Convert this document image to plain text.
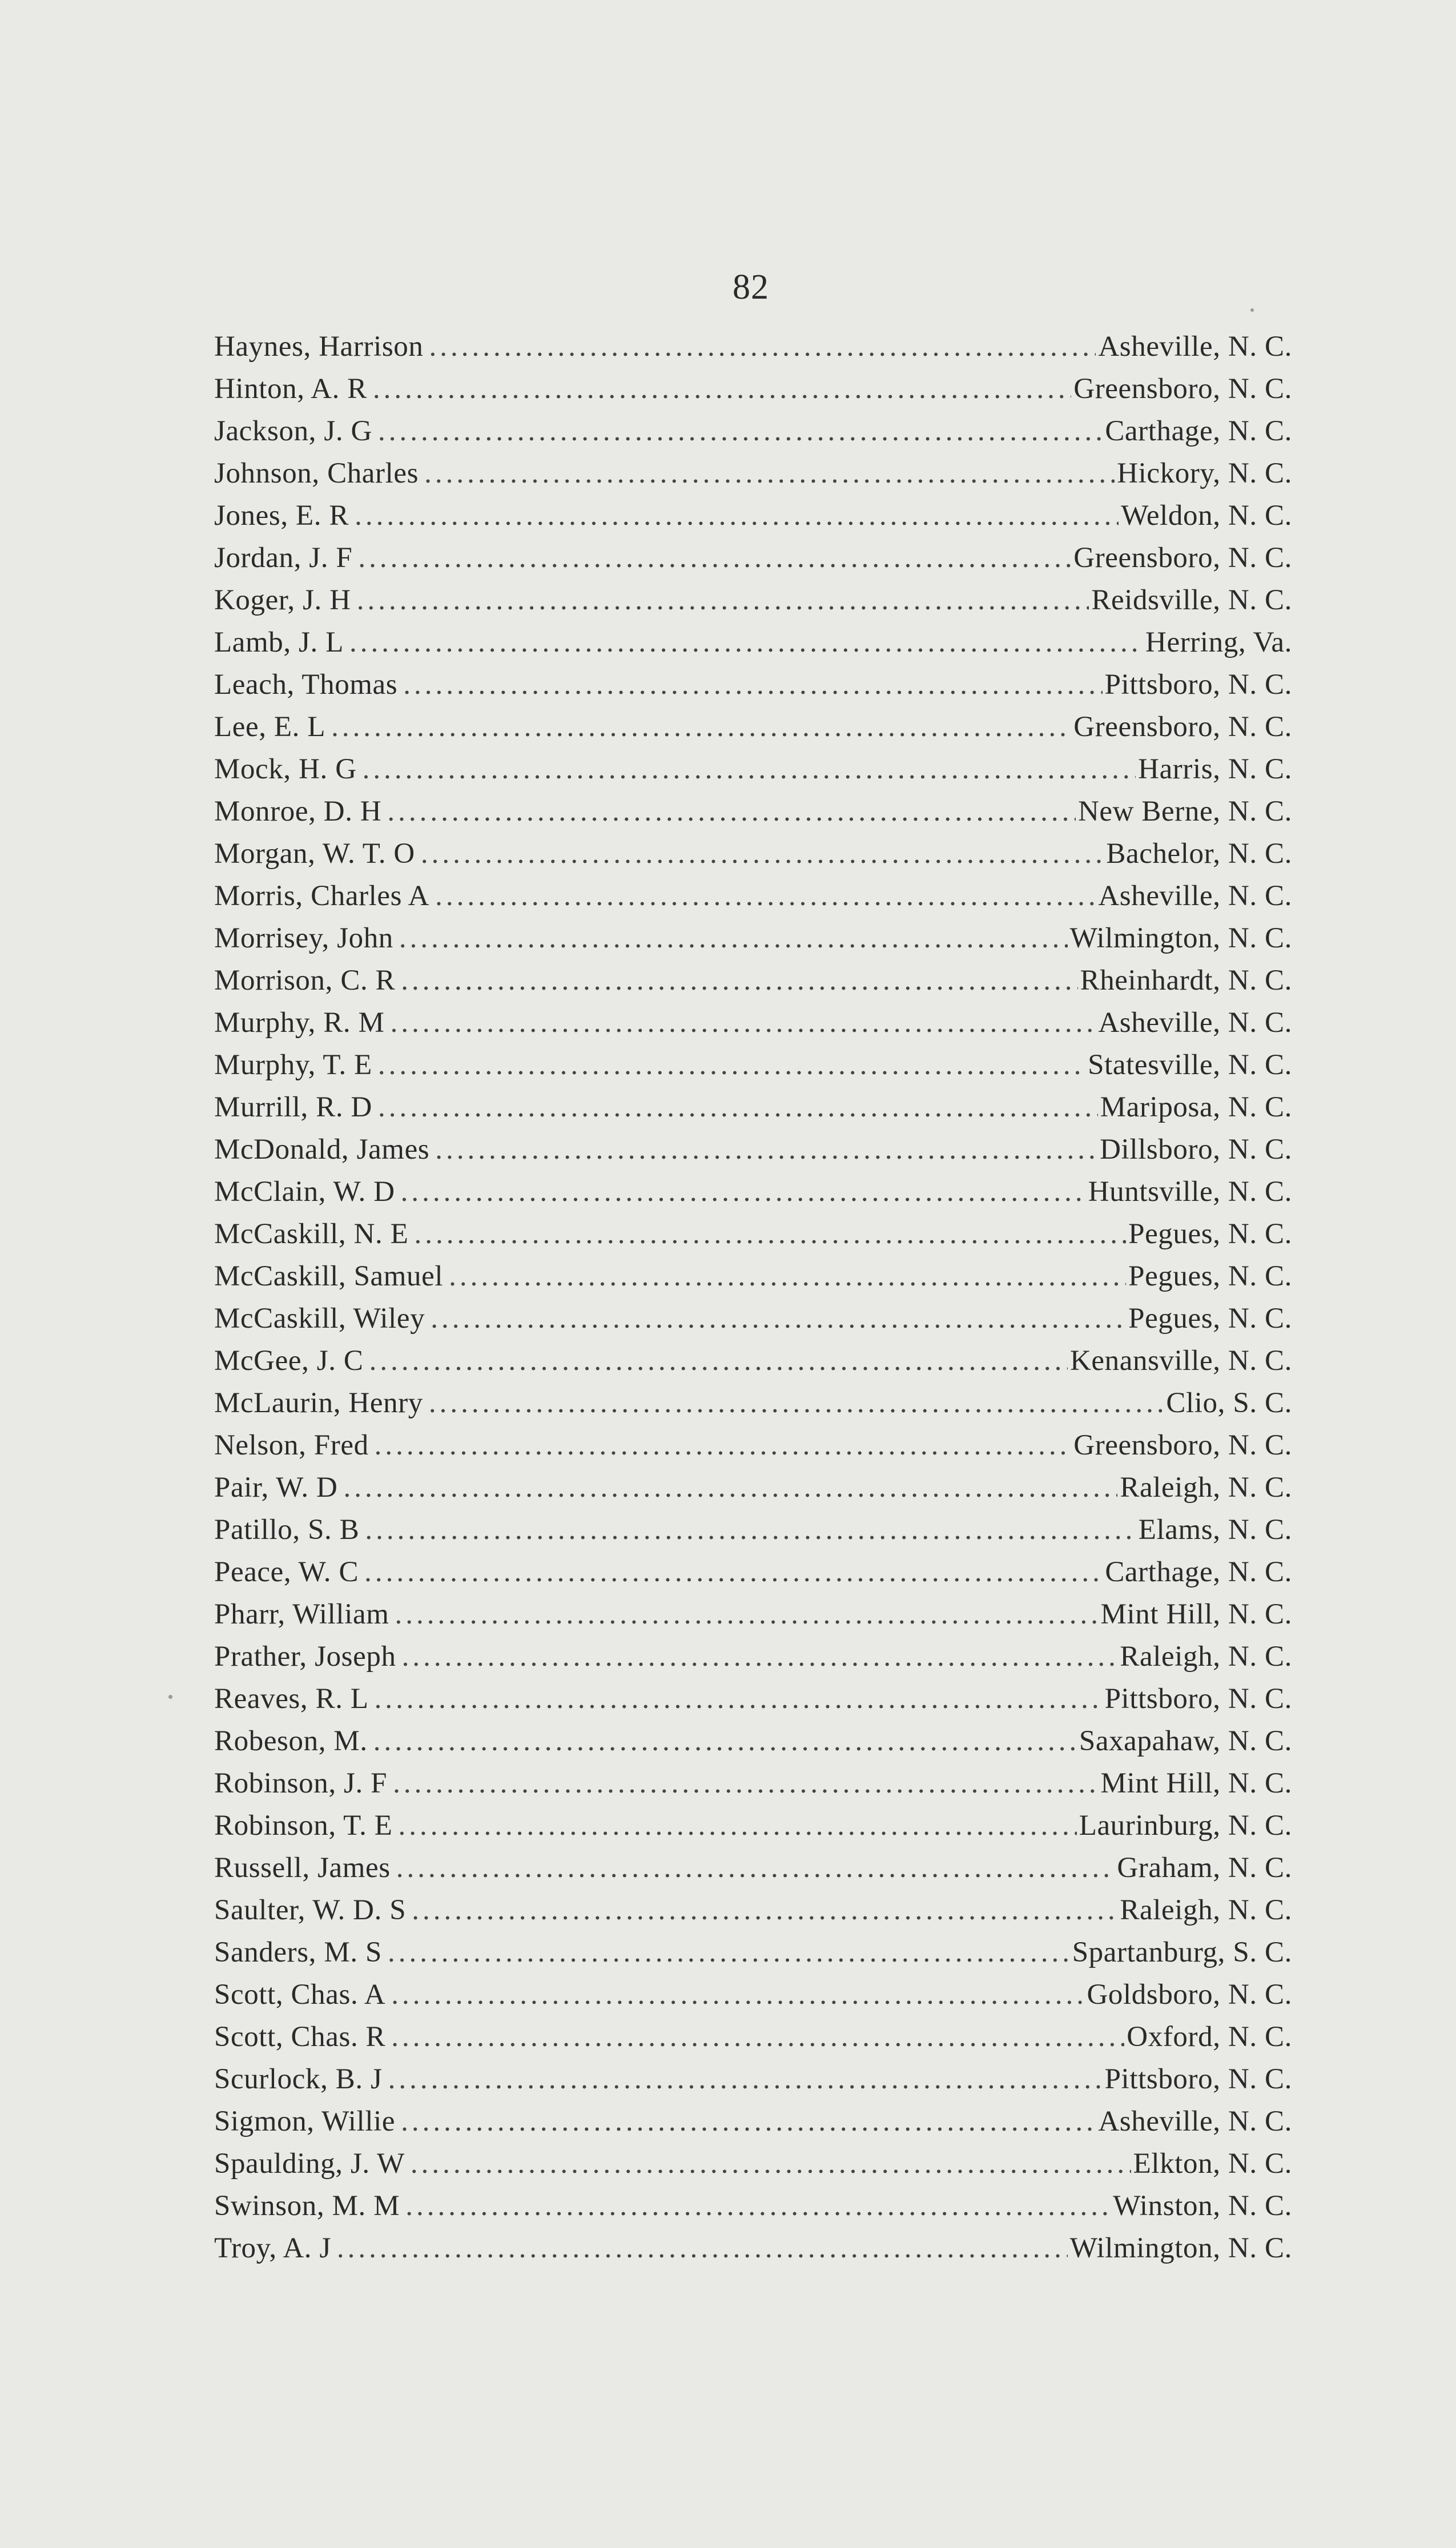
82
Haynes, Harrison .....	Asheville, N. C.
Hinton, A. R .....	Greensboro, N. C.
Jackson, J. G .....	Carthage, N. C.
Johnson, Charles .....	Hickory, N. C.
Jones, E. R .....	Weldon, N. C.
Jordan, J. F .....	Greensboro, N. C.
Koger, J. H .....	Reidsville, N. C.
Lamb, J. L .....	Herring, Va.
Leach, Thomas .....	Pittsboro, N. C.
Lee, E. L .....	Greensboro, N. C.
Mock, H. G .....	Harris, N. C.
Monroe, D. H .....	New Berne, N. C.
Morgan, W. T. O .....	Bachelor, N. C.
Morris, Charles A .....	Asheville, N. C.
Morrisey, John .....	Wilmington, N. C.
Morrison, C. R .....	Rheinhardt, N. C.
Murphy, R. M .....	Asheville, N. C.
Murphy, T. E .....	Statesville, N. C.
Murrill, R. D .....	Mariposa, N. C.
McDonald, James .....	Dillsboro, N. C.
McClain, W. D .....	Huntsville, N. C.
McCaskill, N. E .....	Pegues, N. C.
McCaskill, Samuel .....	Pegues, N. C.
McCaskill, Wiley .....	Pegues, N. C.
McGee, J. C .....	Kenansville, N. C.
McLaurin, Henry .....	Clio, S. C.
Nelson, Fred .....	Greensboro, N. C.
Pair, W. D .....	Raleigh, N. C.
Patillo, S. B .....	Elams, N. C.
Peace, W. C .....	Carthage, N. C.
Pharr, William .....	Mint Hill, N. C.
Prather, Joseph .....	Raleigh, N. C.
Reaves, R. L .....	Pittsboro, N. C.
Robeson, M. .....	Saxapahaw, N. C.
Robinson, J. F .....	Mint Hill, N. C.
Robinson, T. E .....	Laurinburg, N. C.
Russell, James .....	Graham, N. C.
Saulter, W. D. S .....	Raleigh, N. C.
Sanders, M. S .....	Spartanburg, S. C.
Scott, Chas. A .....	Goldsboro, N. C.
Scott, Chas. R .....	Oxford, N. C.
Scurlock, B. J .....	Pittsboro, N. C.
Sigmon, Willie .....	Asheville, N. C.
Spaulding, J. W .....	Elkton, N. C.
Swinson, M. M .....	Winston, N. C.
Troy, A. J .....	Wilmington, N. C.
